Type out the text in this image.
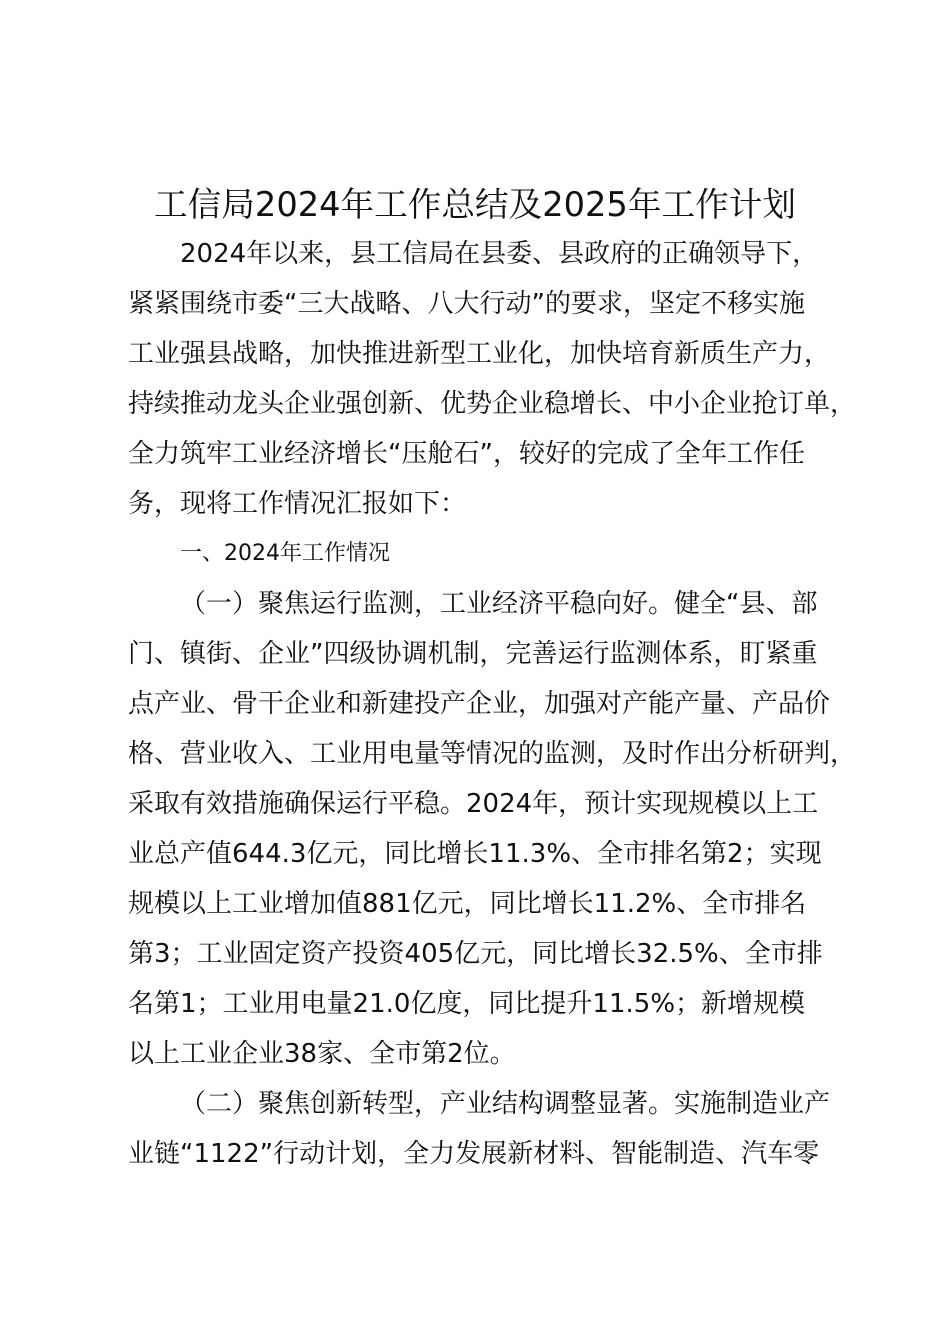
工信局2024年工作总结及2025年工作计划
2024年以来，县工信局在县委、县政府的正确领导下，
紧紧围绕市委“三大战略、八大行动”的要求，坚定不移实施
工业强县战略，加快推进新型工业化，加快培育新质生产力，
持续推动龙头企业强创新、优势企业稳增长、中小企业抢订单，
全力筑牢工业经济增长“压舱石”，较好的完成了全年工作任
务，现将工作情况汇报如下：
一、2024年工作情况
（一）聚焦运行监测，工业经济平稳向好。健全“县、部
门、镇街、企业”四级协调机制，完善运行监测体系，盯紧重
点产业、骨干企业和新建投产企业，加强对产能产量、产品价
格、营业收入、工业用电量等情况的监测，及时作出分析研判，
采取有效措施确保运行平稳。2024年，预计实现规模以上工
业总产值644.3亿元，同比增长11.3%、全市排名第2；实现
规模以上工业增加值881亿元，同比增长11.2%、全市排名
第3；工业固定资产投资405亿元，同比增长32.5%、全市排
名第1；工业用电量21.0亿度，同比提升11.5%；新增规模
以上工业企业38家、全市第2位。
（二）聚焦创新转型，产业结构调整显著。实施制造业产
业链“1122”行动计划，全力发展新材料、智能制造、汽车零
